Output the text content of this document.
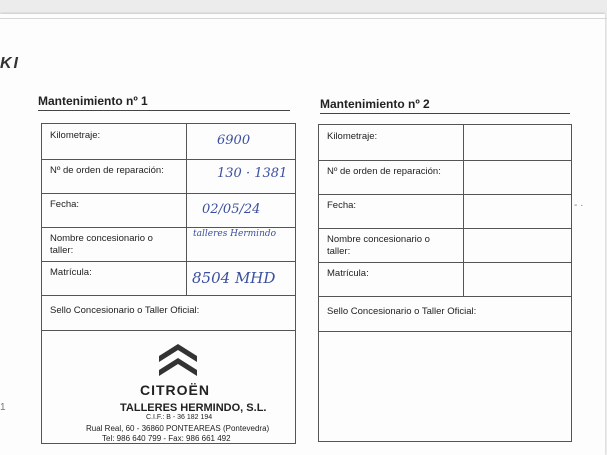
KI
Mantenimiento nº 1	Mantenimiento nº 2
Kilometraje:	6900
Nº de orden de reparación:	130 · 1381
Fecha:	02/05/24
Nombre concesionario o taller:
talleres Hermindo
Matrícula:	8504 MHD
Sello Concesionario o Taller Oficial:
CITROËN
TALLERES HERMINDO, S.L.
C.I.F.: B - 36 182 194
Rual Real, 60 - 36860 PONTEAREAS (Pontevedra)
Tel: 986 640 799 - Fax: 986 661 492
Kilometraje:
Nº de orden de reparación:
Fecha:
Nombre concesionario o taller:
Matrícula:
Sello Concesionario o Taller Oficial:
- ·
1
